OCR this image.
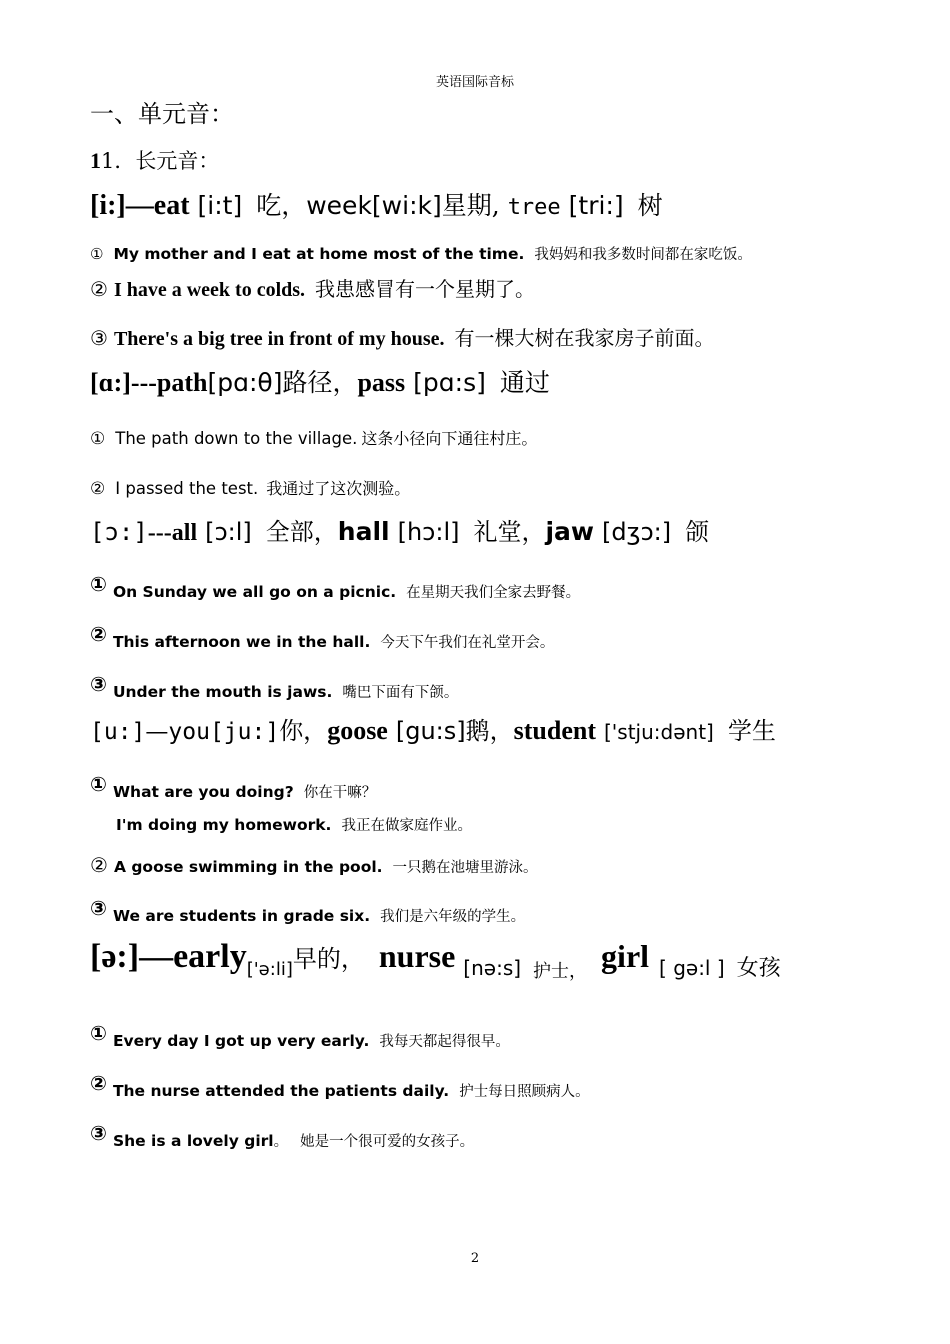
英语国际音标
一、单元音：
1 1．长元音：
[i:] — eat [i:t] 吃， week [wi:k] 星期, tree [tri:] 树
① My mother and I eat at home most of the time. 我妈妈和我多数时间都在家吃饭。
② I have a week to colds. 我患感冒有一个星期了。
③ There's a big tree in front of my house. 有一棵大树在我家房子前面。
[ɑ:] --- path [pɑ:θ] 路径， pass [pɑ:s] 通过
① The path down to the village. 这条小径向下通往村庄。
② I passed the test. 我通过了这次测验。
[ɔ:] --- all [ɔ:l] 全部， hall [hɔ:l] 礼堂， jaw [dʒɔ:] 颌
① On Sunday we all go on a picnic. 在星期天我们全家去野餐。
② This afternoon we in the hall. 今天下午我们在礼堂开会。
③ Under the mouth is jaws. 嘴巴下面有下颌。
[u:] — you [ju:] 你， goose [gu:s] 鹅， student ['stju:dənt] 学生
① What are you doing? 你在干嘛？
I'm doing my homework. 我正在做家庭作业。
② A goose swimming in the pool. 一只鹅在池塘里游泳。
③ We are students in grade six. 我们是六年级的学生。
[ə:] — early ['ə:li] 早的， nurse [nə:s] 护士， girl [ gə:l ] 女孩
① Every day I got up very early. 我每天都起得很早。
② The nurse attended the patients daily. 护士每日照顾病人。
③ She is a lovely girl 。 她是一个很可爱的女孩子。
2
